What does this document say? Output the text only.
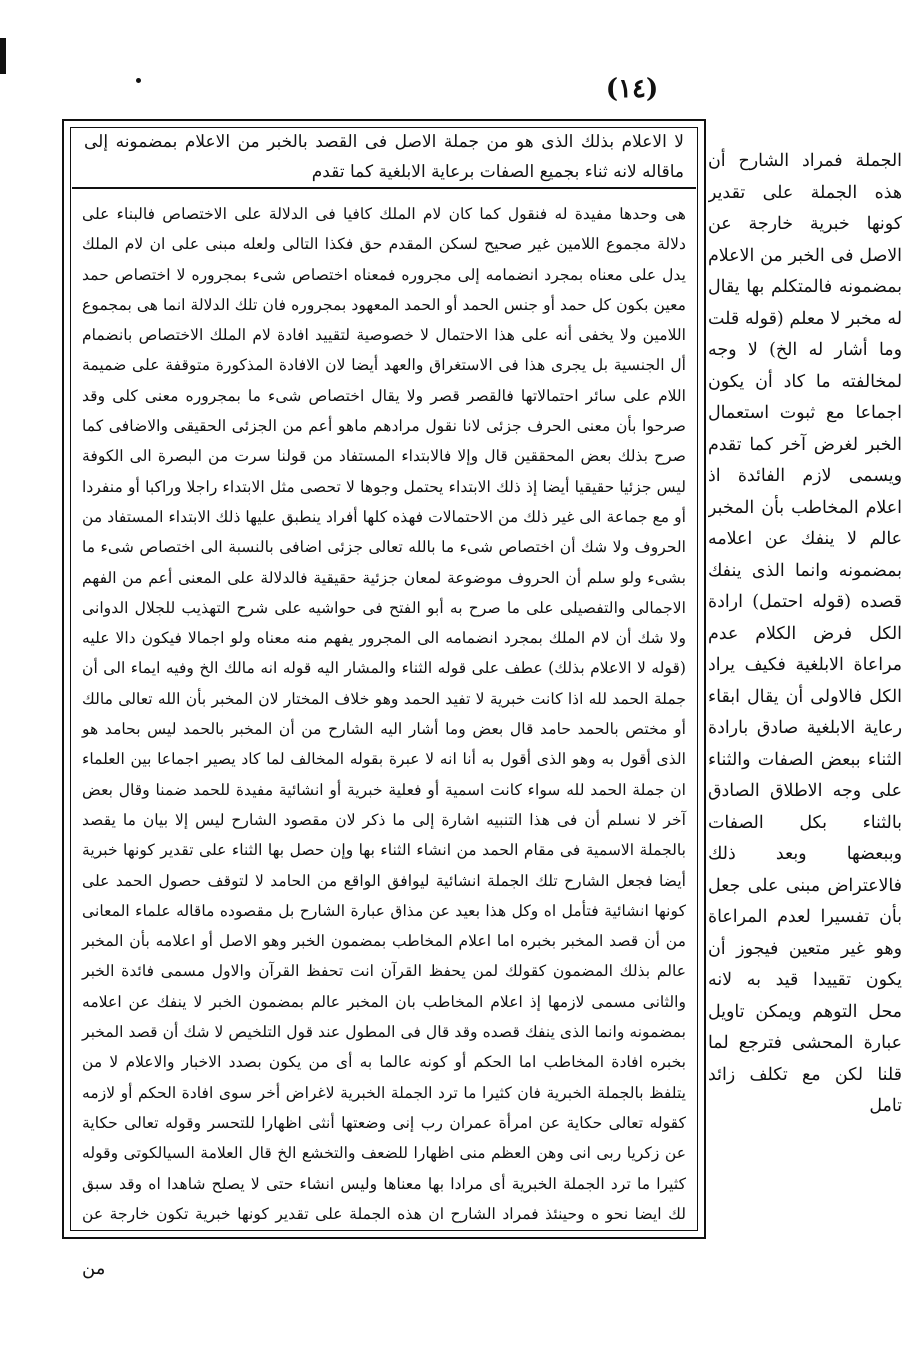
(١٤)
لا الاعلام بذلك الذى هو من جملة الاصل فى القصد بالخبر من الاعلام بمضمونه إلى ماقاله لانه ثناء بجميع الصفات برعاية الابلغية كما تقدم
هى وحدها مفيدة له فنقول كما كان لام الملك كافيا فى الدلالة على الاختصاص فالبناء على دلالة مجموع اللامين غير صحيح لسكن المقدم حق فكذا التالى ولعله مبنى على ان لام الملك يدل على معناه بمجرد انضمامه إلى مجروره فمعناه اختصاص شىء بمجروره لا اختصاص حمد معين بكون كل حمد أو جنس الحمد أو الحمد المعهود بمجروره فان تلك الدلالة انما هى بمجموع اللامين ولا يخفى أنه على هذا الاحتمال لا خصوصية لتقييد افادة لام الملك الاختصاص بانضمام أل الجنسية بل يجرى هذا فى الاستغراق والعهد أيضا لان الافادة المذكورة متوقفة على ضميمة اللام على سائر احتمالاتها فالقصر قصر ولا يقال اختصاص شىء ما بمجروره معنى كلى وقد صرحوا بأن معنى الحرف جزئى لانا نقول مرادهم ماهو أعم من الجزئى الحقيقى والاضافى كما صرح بذلك بعض المحققين قال وإلا فالابتداء المستفاد من قولنا سرت من البصرة الى الكوفة ليس جزئيا حقيقيا أيضا إذ ذلك الابتداء يحتمل وجوها لا تحصى مثل الابتداء راجلا وراكبا أو منفردا أو مع جماعة الى غير ذلك من الاحتمالات فهذه كلها أفراد ينطبق عليها ذلك الابتداء المستفاد من الحروف ولا شك أن اختصاص شىء ما بالله تعالى جزئى اضافى بالنسبة الى اختصاص شىء ما بشىء ولو سلم أن الحروف موضوعة لمعان جزئية حقيقية فالدلالة على المعنى أعم من الفهم الاجمالى والتفصيلى على ما صرح به أبو الفتح فى حواشيه على شرح التهذيب للجلال الدوانى ولا شك أن لام الملك بمجرد انضمامه الى المجرور يفهم منه معناه ولو اجمالا فيكون دالا عليه (قوله لا الاعلام بذلك) عطف على قوله الثناء والمشار اليه قوله انه مالك الخ وفيه ايماء الى أن جملة الحمد لله اذا كانت خبرية لا تفيد الحمد وهو خلاف المختار لان المخبر بأن الله تعالى مالك أو مختص بالحمد حامد قال بعض وما أشار اليه الشارح من أن المخبر بالحمد ليس بحامد هو الذى أقول به وهو الذى أقول به أنا انه لا عبرة بقوله المخالف لما كاد يصير اجماعا بين العلماء ان جملة الحمد لله سواء كانت اسمية أو فعلية خبرية أو انشائية مفيدة للحمد ضمنا وقال بعض آخر لا نسلم أن فى هذا التنبيه اشارة إلى ما ذكر لان مقصود الشارح ليس إلا بيان ما يقصد بالجملة الاسمية فى مقام الحمد من انشاء الثناء بها وإن حصل بها الثناء على تقدير كونها خبرية أيضا فجعل الشارح تلك الجملة انشائية ليوافق الواقع من الحامد لا لتوقف حصول الحمد على كونها انشائية فتأمل اه وكل هذا بعيد عن مذاق عبارة الشارح بل مقصوده ماقاله علماء المعانى من أن قصد المخبر بخبره اما اعلام المخاطب بمضمون الخبر وهو الاصل أو اعلامه بأن المخبر عالم بذلك المضمون كقولك لمن يحفظ القرآن انت تحفظ القرآن والاول مسمى فائدة الخبر والثانى مسمى لازمها إذ اعلام المخاطب بان المخبر عالم بمضمون الخبر لا ينفك عن اعلامه بمضمونه وانما الذى ينفك قصده وقد قال فى المطول عند قول التلخيص لا شك أن قصد المخبر بخبره افادة المخاطب اما الحكم أو كونه عالما به أى من يكون بصدد الاخبار والاعلام لا من يتلفظ بالجملة الخبرية فان كثيرا ما ترد الجملة الخبرية لاغراض أخر سوى افادة الحكم أو لازمه كقوله تعالى حكاية عن امرأة عمران رب إنى وضعتها أنثى اظهارا للتحسر وقوله تعالى حكاية عن زكريا ربى انى وهن العظم منى اظهارا للضعف والتخشع الخ قال العلامة السيالكوتى وقوله كثيرا ما ترد الجملة الخبرية أى مرادا بها معناها وليس انشاء حتى لا يصلح شاهدا اه وقد سبق لك ايضا نحو ه وحينئذ فمراد الشارح ان هذه الجملة على تقدير كونها خبرية تكون خارجة عن
الجملة فمراد الشارح أن هذه الجملة على تقدير كونها خبرية خارجة عن الاصل فى الخبر من الاعلام بمضمونه فالمتكلم بها يقال له مخبر لا معلم (قوله قلت وما أشار له الخ) لا وجه لمخالفته ما كاد أن يكون اجماعا مع ثبوت استعمال الخبر لغرض آخر كما تقدم ويسمى لازم الفائدة اذ اعلام المخاطب بأن المخبر عالم لا ينفك عن اعلامه بمضمونه وانما الذى ينفك قصده (قوله احتمل) ارادة الكل فرض الكلام عدم مراعاة الابلغية فكيف يراد الكل فالاولى أن يقال ابقاء رعاية الابلغية صادق بارادة الثناء ببعض الصفات والثناء على وجه الاطلاق الصادق بالثناء بكل الصفات وببعضها وبعد ذلك فالاعتراض مبنى على جعل بأن تفسيرا لعدم المراعاة وهو غير متعين فيجوز أن يكون تقييدا قيد به لانه محل التوهم ويمكن تاويل عبارة المحشى فترجع لما قلنا لكن مع تكلف زائد تامل
من
